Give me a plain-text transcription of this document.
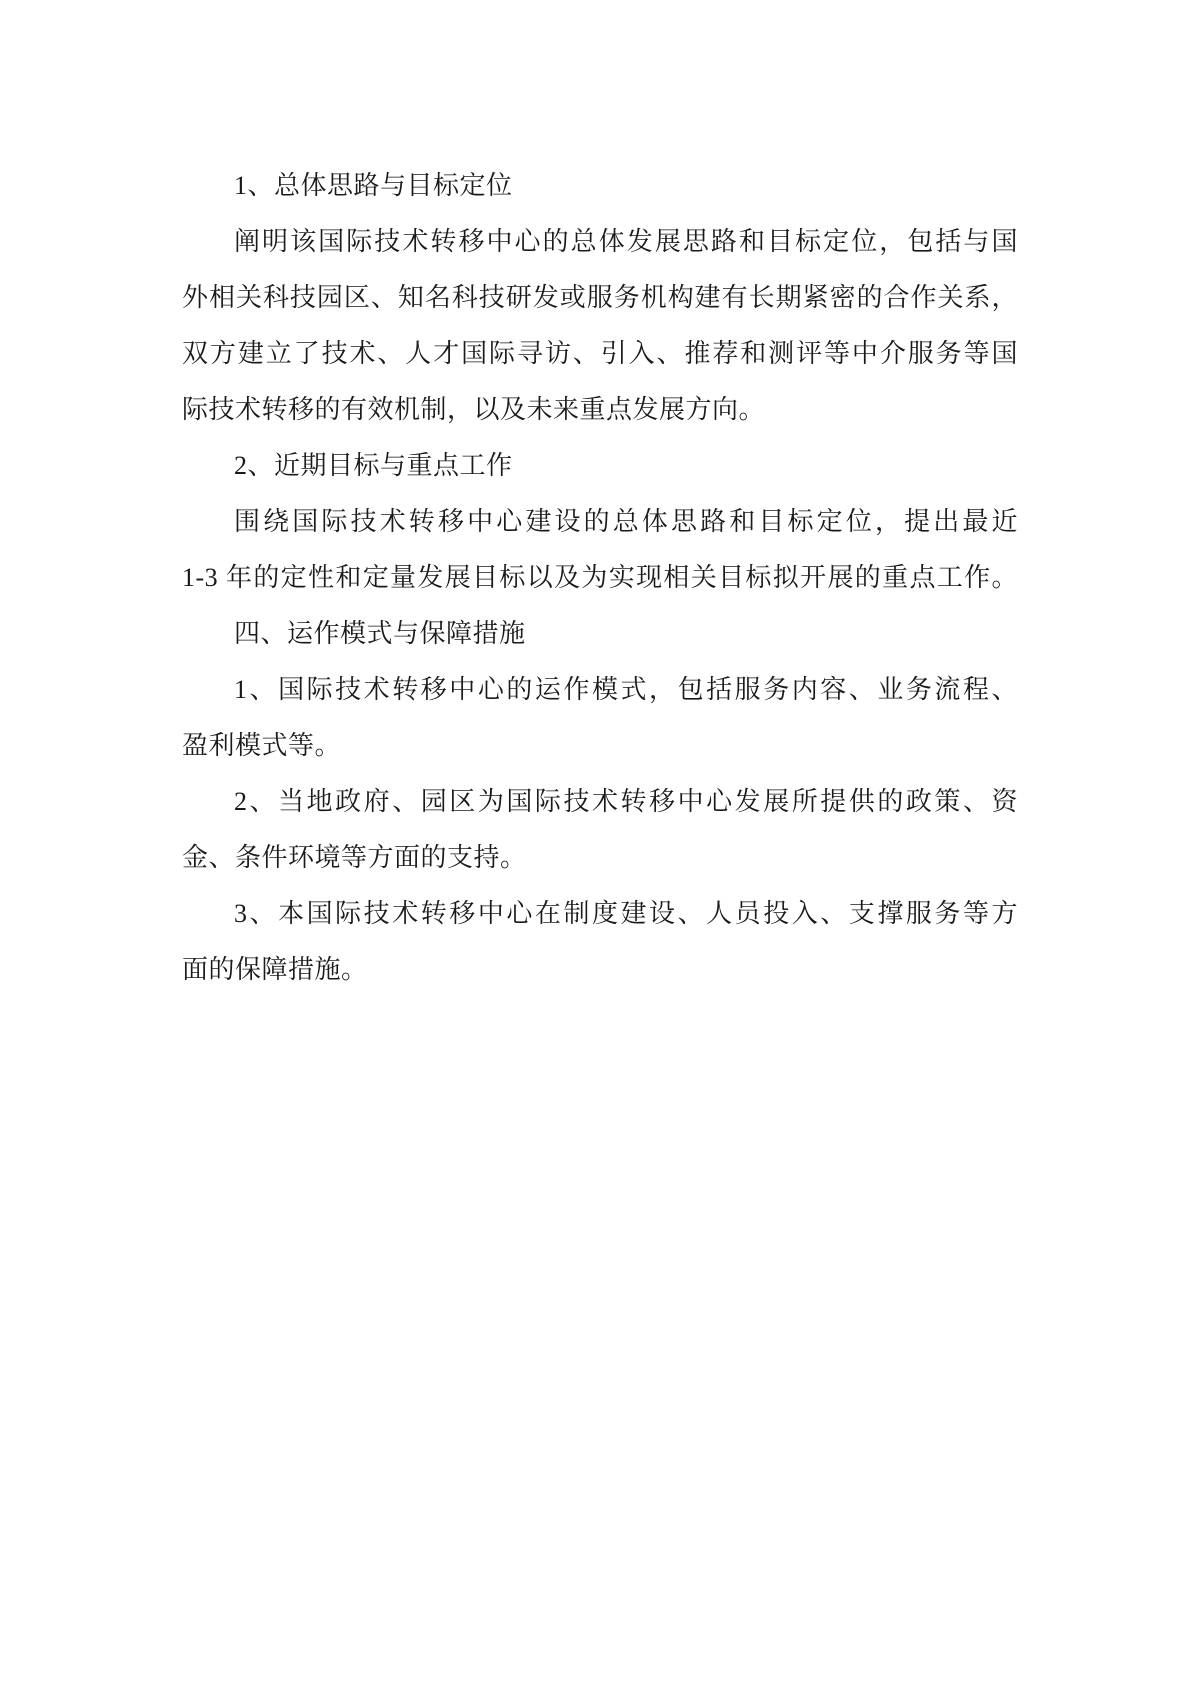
1、总体思路与目标定位
阐明该国际技术转移中心的总体发展思路和目标定位，包括与国
外相关科技园区、知名科技研发或服务机构建有长期紧密的合作关系，
双方建立了技术、人才国际寻访、引入、推荐和测评等中介服务等国
际技术转移的有效机制，以及未来重点发展方向。
2、近期目标与重点工作
围绕国际技术转移中心建设的总体思路和目标定位，提出最近
1-3 年的定性和定量发展目标以及为实现相关目标拟开展的重点工作。
四、运作模式与保障措施
1、国际技术转移中心的运作模式，包括服务内容、业务流程、
盈利模式等。
2、当地政府、园区为国际技术转移中心发展所提供的政策、资
金、条件环境等方面的支持。
3、本国际技术转移中心在制度建设、人员投入、支撑服务等方
面的保障措施。
